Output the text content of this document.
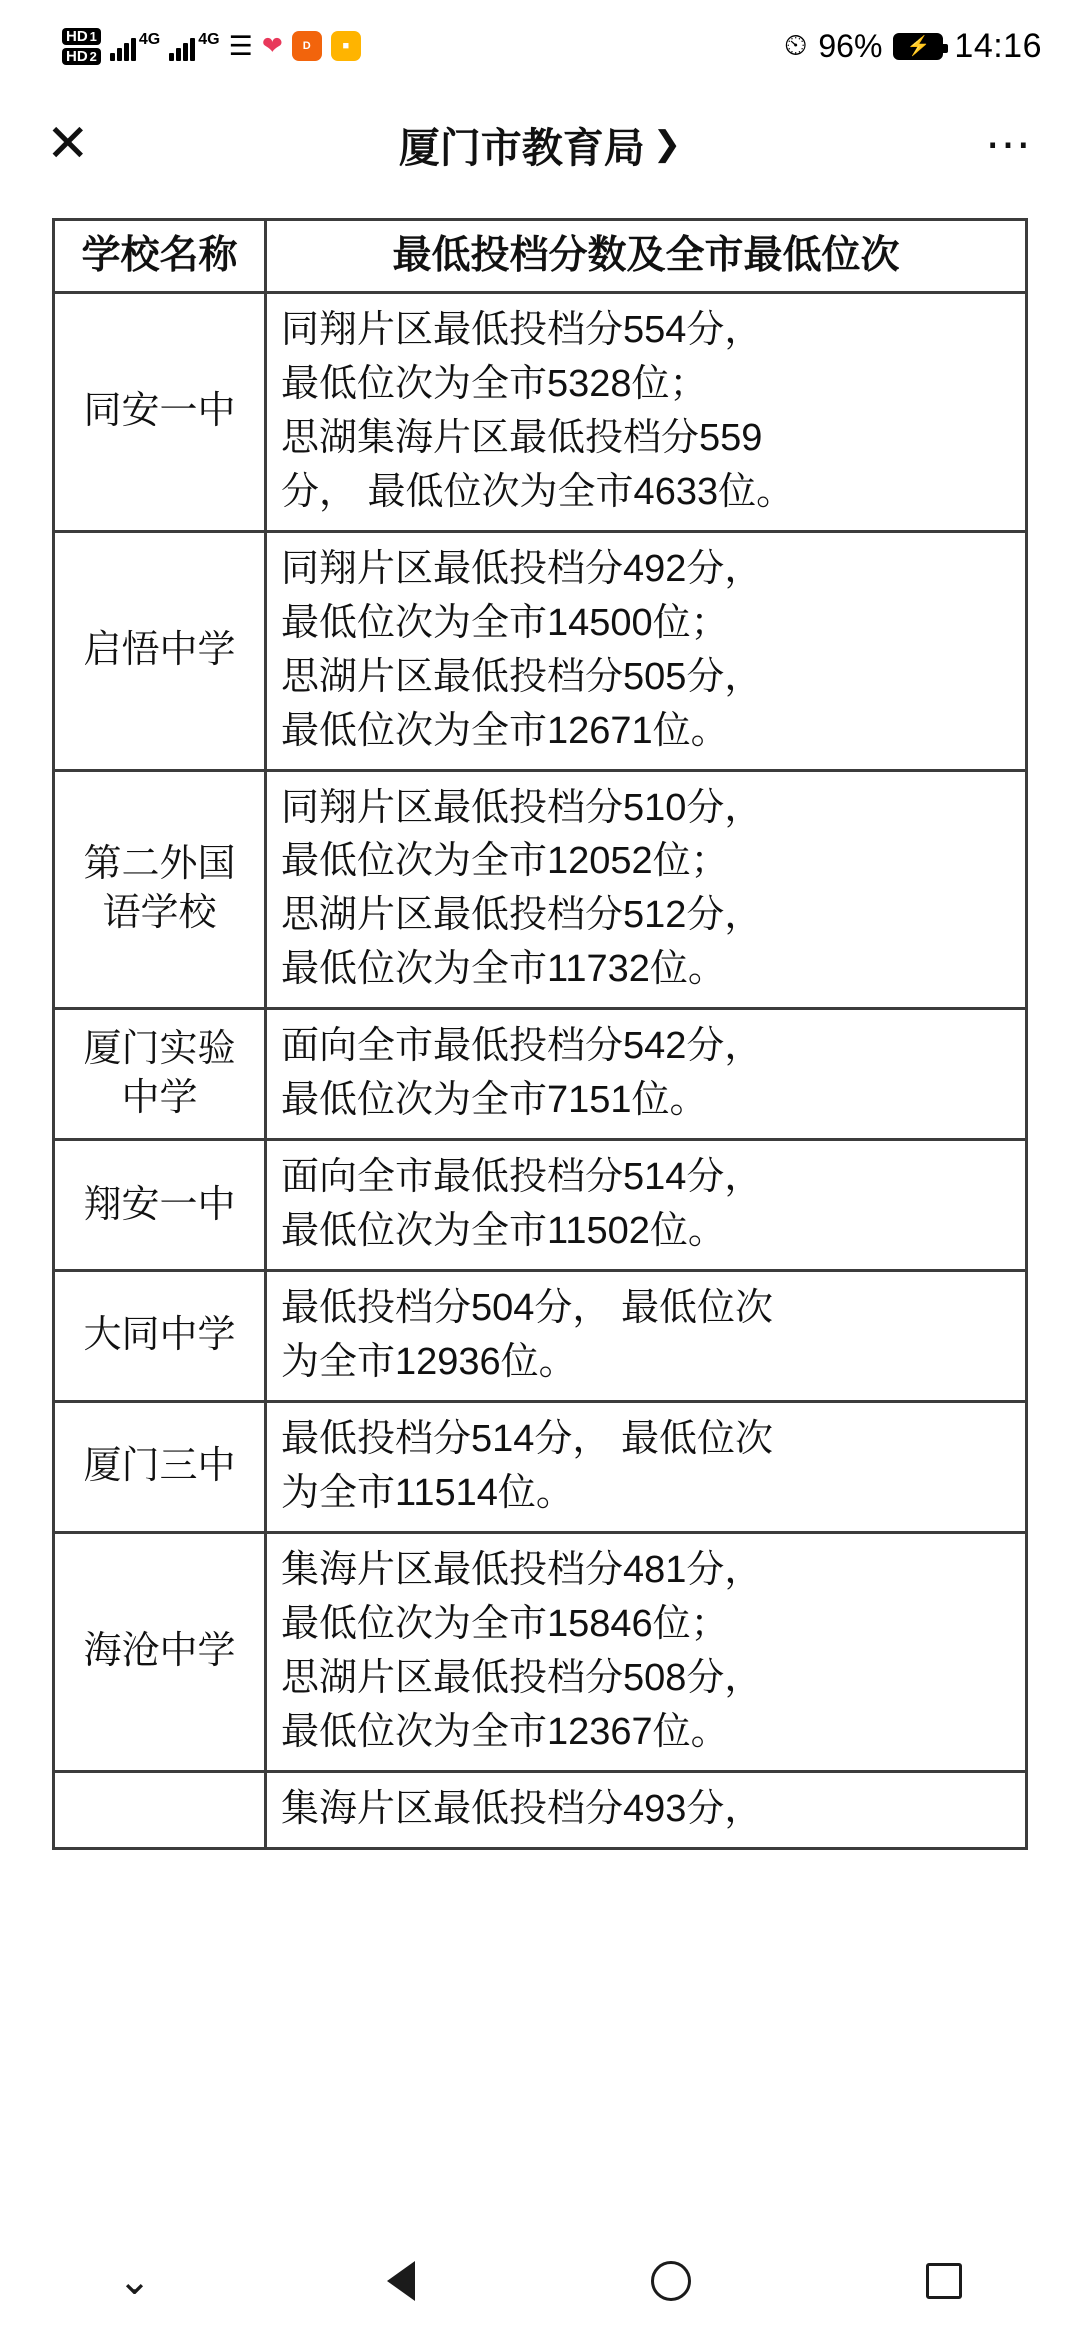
HD 1
HD 2
4G 4G ☰ ❤	D	■	⏲ 96%	⚡ 14:16
✕	厦门市教育局 ❯	⋯
学校名称	最低投档分数及全市最低位次
同安一中	同翔片区最低投档分554分，
最低位次为全市5328位；
思湖集海片区最低投档分559
分， 最低位次为全市4633位。

启悟中学	同翔片区最低投档分492分，
最低位次为全市14500位；
思湖片区最低投档分505分，
最低位次为全市12671位。

第二外国语学校	同翔片区最低投档分510分，
最低位次为全市12052位；
思湖片区最低投档分512分，
最低位次为全市11732位。

厦门实验中学	面向全市最低投档分542分，
最低位次为全市7151位。

翔安一中	面向全市最低投档分514分，
最低位次为全市11502位。

大同中学	最低投档分504分， 最低位次
为全市12936位。

厦门三中	最低投档分514分， 最低位次
为全市11514位。

海沧中学	集海片区最低投档分481分，
最低位次为全市15846位；
思湖片区最低投档分508分，
最低位次为全市12367位。

	集海片区最低投档分493分，
⌄
